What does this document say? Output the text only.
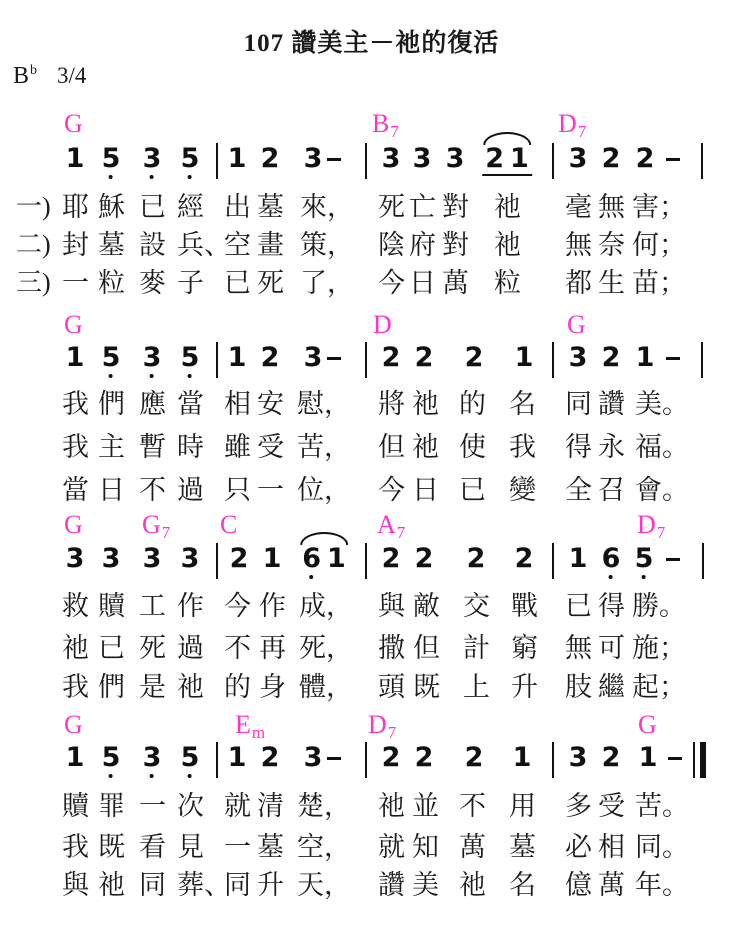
107 讚美主－祂的復活
$B^b$ 3/4
G	$B_7$	$D_7$
1 5 3 5 1 2 3 3 3 3 2 1 3 2 2
G	D	G
1 5 3 5 1 2 3 2 2 2 1 3 2 1
G $G_7$ C	$A_7$	$D_7$
3 3 3 3 2 1 6 1 2 2 2 2 1 6 5
G	$E_m$	$D_7$	G
1 5 3 5 1 2 3 2 2 2 1 3 2 1
一) 耶 穌 已 經 出 墓 來， 死 亡 對 祂 毫 無 害；
二) 封 墓 設 兵、
空 畫 策， 陰 府 對 祂 無 奈 何；
三) 一 粒 麥 子 已 死 了， 今 日 萬 粒 都 生 苗；
我 們 應 當 相 安 慰， 將 祂 的 名 同 讚 美。
我 主 暫 時 雖 受 苦， 但 祂 使 我 得 永 福。
當 日 不 過 只 一 位， 今 日 已 變 全 召 會。
救 贖 工 作 今 作 成， 與 敵 交 戰 已 得 勝。
祂 已 死 過 不 再 死， 撒 但 計 窮 無 可 施；
我 們 是 祂 的 身 體， 頭 既 上 升 肢 繼 起；
贖 罪 一 次 就 清 楚， 祂 並 不 用 多 受 苦。
我 既 看 見 一 墓 空， 就 知 萬 墓 必 相 同。
與 祂 同 葬、
同 升 天， 讚 美 祂 名 億 萬 年。
